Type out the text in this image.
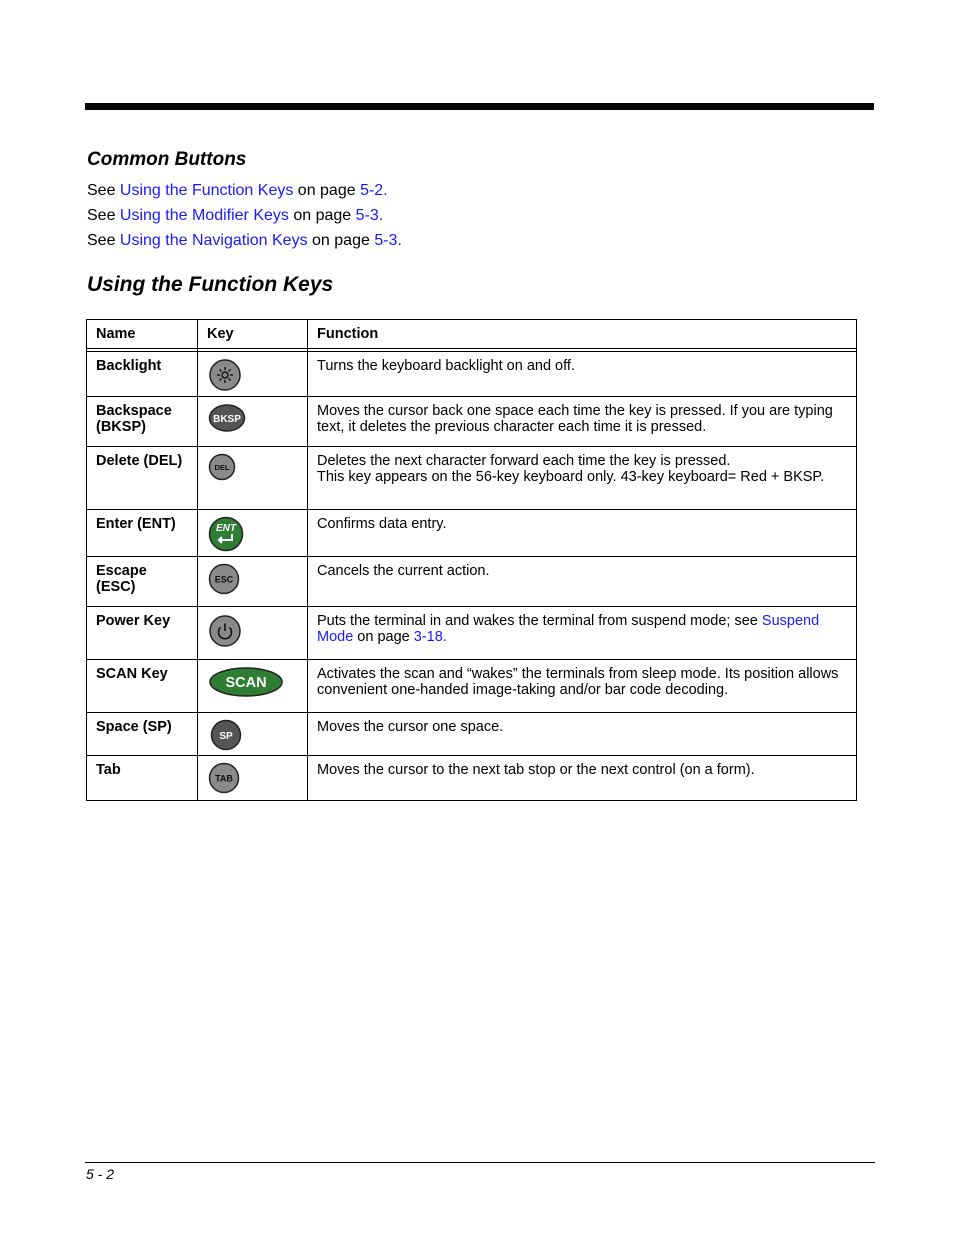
Common Buttons
See Using the Function Keys on page 5-2.
See Using the Modifier Keys on page 5-3.
See Using the Navigation Keys on page 5-3.
Using the Function Keys
Name	Key	Function

Backlight		Turns the keyboard backlight on and off.
Backspace (BKSP)	BKSP	Moves the cursor back one space each time the key is pressed. If you are typing text, it deletes the previous character each time it is pressed.
Delete (DEL)	DEL	Deletes the next character forward each time the key is pressed.
This key appears on the 56-key keyboard only. 43-key keyboard= Red + BKSP.

Enter (ENT)	ENT	Confirms data entry.
Escape (ESC)	ESC	Cancels the current action.
Power Key		Puts the terminal in and wakes the terminal from suspend mode; see Suspend Mode on page 3-18.
SCAN Key	SCAN	Activates the scan and “wakes” the terminals from sleep mode. Its position allows convenient one-handed image-taking and/or bar code decoding.
Space (SP)	SP	Moves the cursor one space.
Tab	TAB	Moves the cursor to the next tab stop or the next control (on a form).
5 - 2
